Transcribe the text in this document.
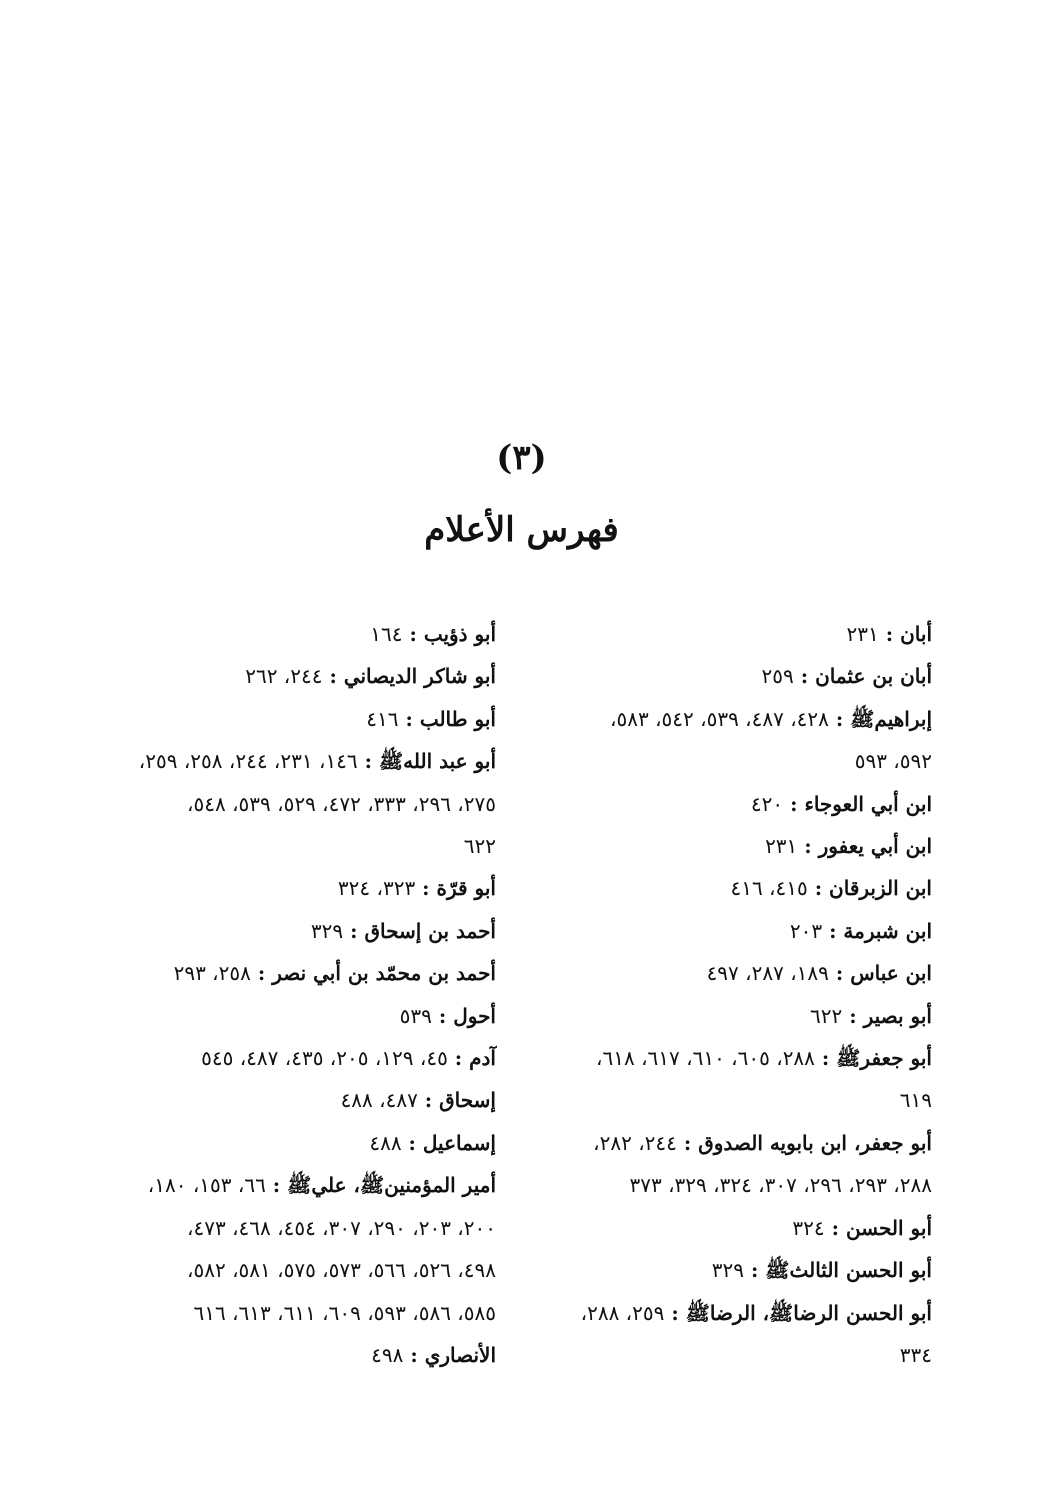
(٣)
فهرس الأعلام
أبان : ٢٣١
أبان بن عثمان : ٢٥٩
إبراهيمﷺ : ٤٢٨، ٤٨٧، ٥٣٩، ٥٤٢، ٥٨٣،
٥٩٢، ٥٩٣
ابن أبي العوجاء : ٤٢٠
ابن أبي يعفور : ٢٣١
ابن الزبرقان : ٤١٥، ٤١٦
ابن شبرمة : ٢٠٣
ابن عباس : ١٨٩، ٢٨٧، ٤٩٧
أبو بصير : ٦٢٢
أبو جعفرﷺ : ٢٨٨، ٦٠٥، ٦١٠، ٦١٧، ٦١٨،
٦١٩
أبو جعفر، ابن بابويه الصدوق : ٢٤٤، ٢٨٢،
٢٨٨، ٢٩٣، ٢٩٦، ٣٠٧، ٣٢٤، ٣٢٩، ٣٧٣
أبو الحسن : ٣٢٤
أبو الحسن الثالثﷺ : ٣٢٩
أبو الحسن الرضاﷺ، الرضاﷺ : ٢٥٩، ٢٨٨،
٣٣٤
أبو ذؤيب : ١٦٤
أبو شاكر الديصاني : ٢٤٤، ٢٦٢
أبو طالب : ٤١٦
أبو عبد اللهﷺ : ١٤٦، ٢٣١، ٢٤٤، ٢٥٨، ٢٥٩،
٢٧٥، ٢٩٦، ٣٣٣، ٤٧٢، ٥٢٩، ٥٣٩، ٥٤٨،
٦٢٢
أبو قرّة : ٣٢٣، ٣٢٤
أحمد بن إسحاق : ٣٢٩
أحمد بن محمّد بن أبي نصر : ٢٥٨، ٢٩٣
أحول : ٥٣٩
آدم : ٤٥، ١٢٩، ٢٠٥، ٤٣٥، ٤٨٧، ٥٤٥
إسحاق : ٤٨٧، ٤٨٨
إسماعيل : ٤٨٨
أمير المؤمنينﷺ، عليﷺ : ٦٦، ١٥٣، ١٨٠،
٢٠٠، ٢٠٣، ٢٩٠، ٣٠٧، ٤٥٤، ٤٦٨، ٤٧٣،
٤٩٨، ٥٢٦، ٥٦٦، ٥٧٣، ٥٧٥، ٥٨١، ٥٨٢،
٥٨٥، ٥٨٦، ٥٩٣، ٦٠٩، ٦١١، ٦١٣، ٦١٦
الأنصاري : ٤٩٨
